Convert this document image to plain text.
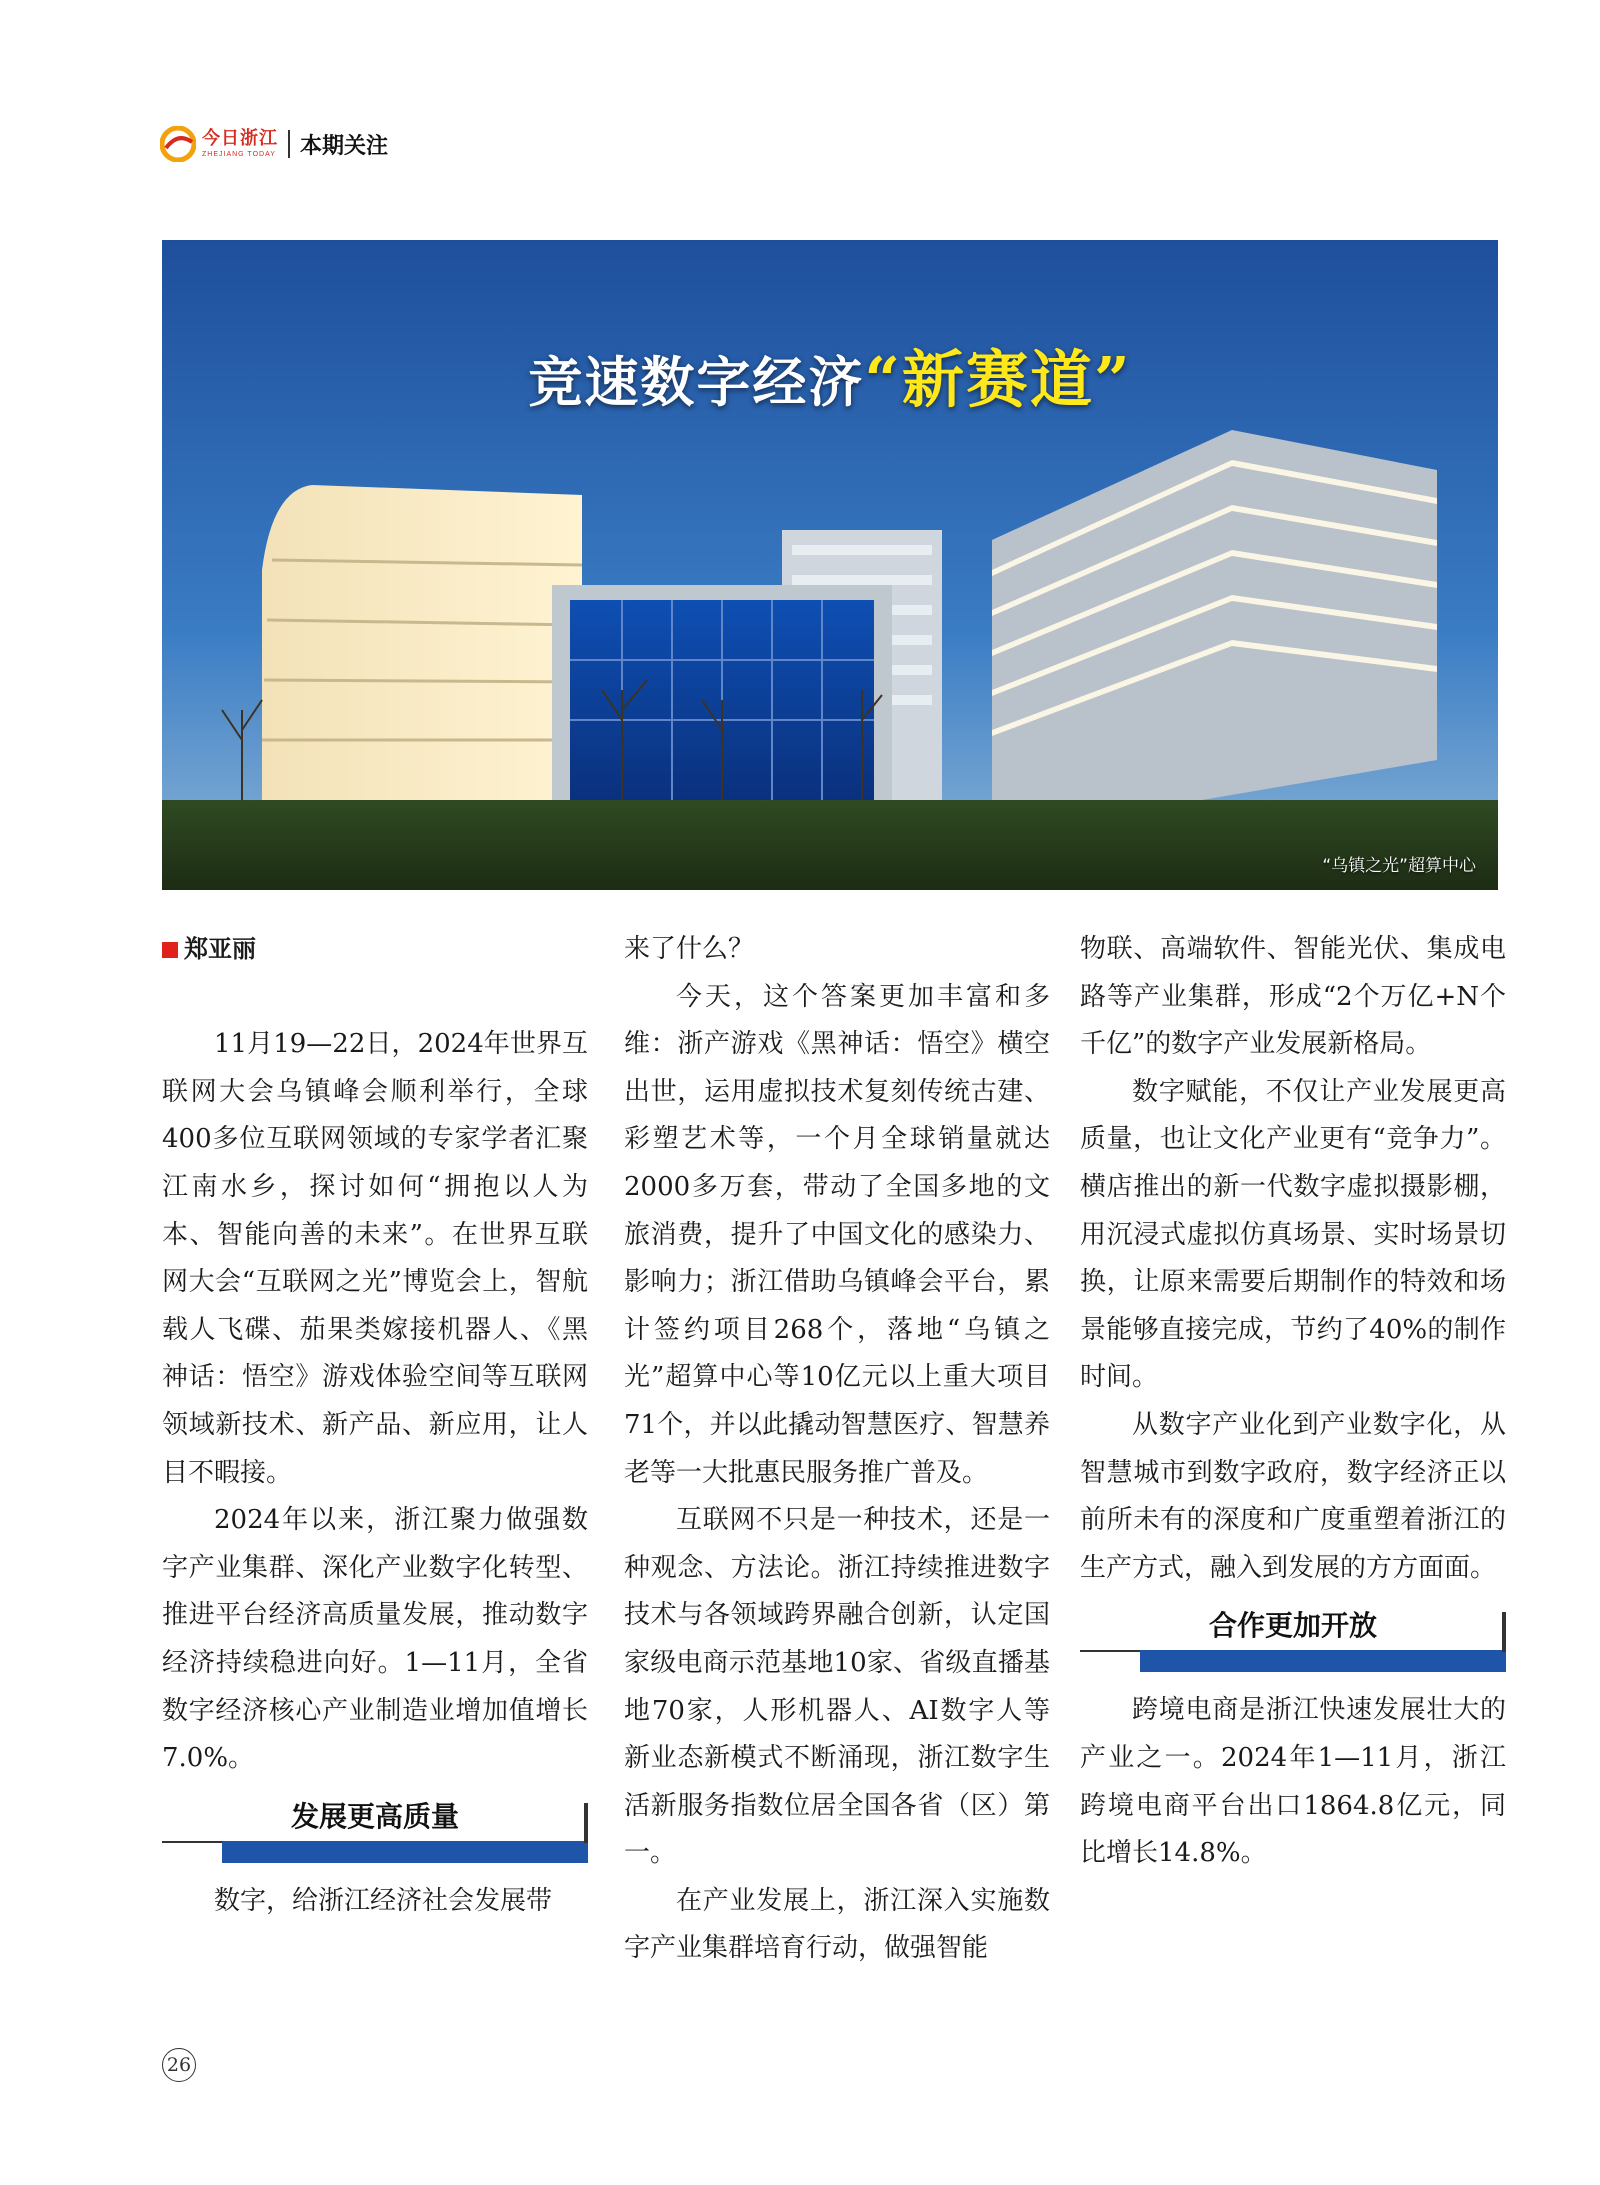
今日浙江
ZHEJIANG TODAY 本期关注
竞速数字经济“新赛道”
“乌镇之光”超算中心
郑亚丽

11月19—22日，2024年世界互联网大会乌镇峰会顺利举行，全球400多位互联网领域的专家学者汇聚江南水乡，探讨如何“拥抱以人为本、智能向善的未来”。在世界互联网大会“互联网之光”博览会上，智航载人飞碟、茄果类嫁接机器人、《黑神话：悟空》游戏体验空间等互联网领域新技术、新产品、新应用，让人目不暇接。

2024年以来，浙江聚力做强数字产业集群、深化产业数字化转型、推进平台经济高质量发展，推动数字经济持续稳进向好。1—11月，全省数字经济核心产业制造业增加值增长7.0%。

发展更高质量

数字，给浙江经济社会发展带

来了什么？

今天，这个答案更加丰富和多维：浙产游戏《黑神话：悟空》横空出世，运用虚拟技术复刻传统古建、彩塑艺术等，一个月全球销量就达2000多万套，带动了全国多地的文旅消费，提升了中国文化的感染力、影响力；浙江借助乌镇峰会平台，累计签约项目268个，落地“乌镇之光”超算中心等10亿元以上重大项目71个，并以此撬动智慧医疗、智慧养老等一大批惠民服务推广普及。

互联网不只是一种技术，还是一种观念、方法论。浙江持续推进数字技术与各领域跨界融合创新，认定国家级电商示范基地10家、省级直播基地70家，人形机器人、AI数字人等新业态新模式不断涌现，浙江数字生活新服务指数位居全国各省（区）第一。

在产业发展上，浙江深入实施数字产业集群培育行动，做强智能

物联、高端软件、智能光伏、集成电路等产业集群，形成“2个万亿+N个千亿”的数字产业发展新格局。

数字赋能，不仅让产业发展更高质量，也让文化产业更有“竞争力”。横店推出的新一代数字虚拟摄影棚，用沉浸式虚拟仿真场景、实时场景切换，让原来需要后期制作的特效和场景能够直接完成，节约了40%的制作时间。

从数字产业化到产业数字化，从智慧城市到数字政府，数字经济正以前所未有的深度和广度重塑着浙江的生产方式，融入到发展的方方面面。

合作更加开放

跨境电商是浙江快速发展壮大的产业之一。2024年1—11月，浙江跨境电商平台出口1864.8亿元，同比增长14.8%。

26
